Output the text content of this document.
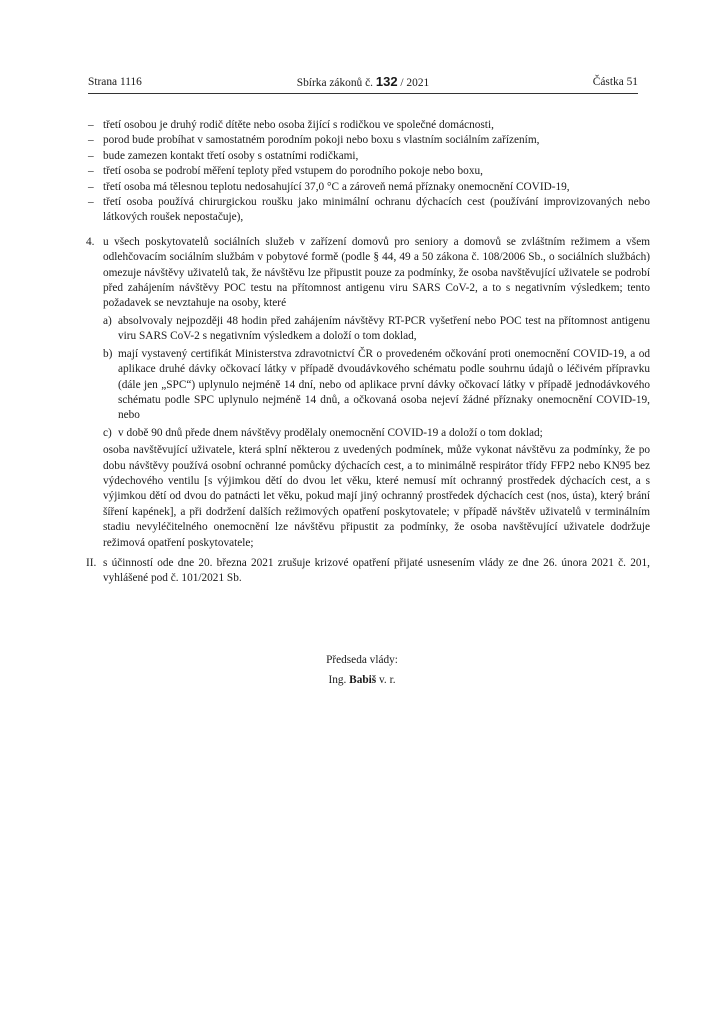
Strana 1116	Sbírka zákonů č. 132 / 2021	Částka 51
– třetí osobou je druhý rodič dítěte nebo osoba žijící s rodičkou ve společné domácnosti,
– porod bude probíhat v samostatném porodním pokoji nebo boxu s vlastním sociálním zařízením,
– bude zamezen kontakt třetí osoby s ostatními rodičkami,
– třetí osoba se podrobí měření teploty před vstupem do porodního pokoje nebo boxu,
– třetí osoba má tělesnou teplotu nedosahující 37,0 °C a zároveň nemá příznaky onemocnění COVID-19,
– třetí osoba používá chirurgickou roušku jako minimální ochranu dýchacích cest (používání improvizovaných nebo látkových roušek nepostačuje),
4. u všech poskytovatelů sociálních služeb v zařízení domovů pro seniory a domovů se zvláštním režimem a všem odlehčovacím sociálním službám v pobytové formě (podle § 44, 49 a 50 zákona č. 108/2006 Sb., o sociálních službách) omezuje návštěvy uživatelů tak, že návštěvu lze připustit pouze za podmínky, že osoba navštěvující uživatele se podrobí před zahájením návštěvy POC testu na přítomnost antigenu viru SARS CoV-2, a to s negativním výsledkem; tento požadavek se nevztahuje na osoby, které

a) absolvovaly nejpozději 48 hodin před zahájením návštěvy RT-PCR vyšetření nebo POC test na přítomnost antigenu viru SARS CoV-2 s negativním výsledkem a doloží o tom doklad,

b) mají vystavený certifikát Ministerstva zdravotnictví ČR o provedeném očkování proti onemocnění COVID-19, a od aplikace druhé dávky očkovací látky v případě dvoudávkového schématu podle souhrnu údajů o léčivém přípravku (dále jen „SPC“) uplynulo nejméně 14 dní, nebo od aplikace první dávky očkovací látky v případě jednodávkového schématu podle SPC uplynulo nejméně 14 dnů, a očkovaná osoba nejeví žádné příznaky onemocnění COVID-19, nebo

c) v době 90 dnů přede dnem návštěvy prodělaly onemocnění COVID-19 a doloží o tom doklad;

osoba navštěvující uživatele, která splní některou z uvedených podmínek, může vykonat návštěvu za podmínky, že po dobu návštěvy používá osobní ochranné pomůcky dýchacích cest, a to minimálně respirátor třídy FFP2 nebo KN95 bez výdechového ventilu [s výjimkou dětí do dvou let věku, které nemusí mít ochranný prostředek dýchacích cest, a s výjimkou dětí od dvou do patnácti let věku, pokud mají jiný ochranný prostředek dýchacích cest (nos, ústa), který brání šíření kapének], a při dodržení dalších režimových opatření poskytovatele; v případě návštěv uživatelů v terminálním stadiu nevyléčitelného onemocnění lze návštěvu připustit za podmínky, že osoba navštěvující uživatele dodržuje režimová opatření poskytovatele;

II. s účinností ode dne 20. března 2021 zrušuje krizové opatření přijaté usnesením vlády ze dne 26. února 2021 č. 201, vyhlášené pod č. 101/2021 Sb.

Předseda vlády:
Ing. Babiš v. r.
